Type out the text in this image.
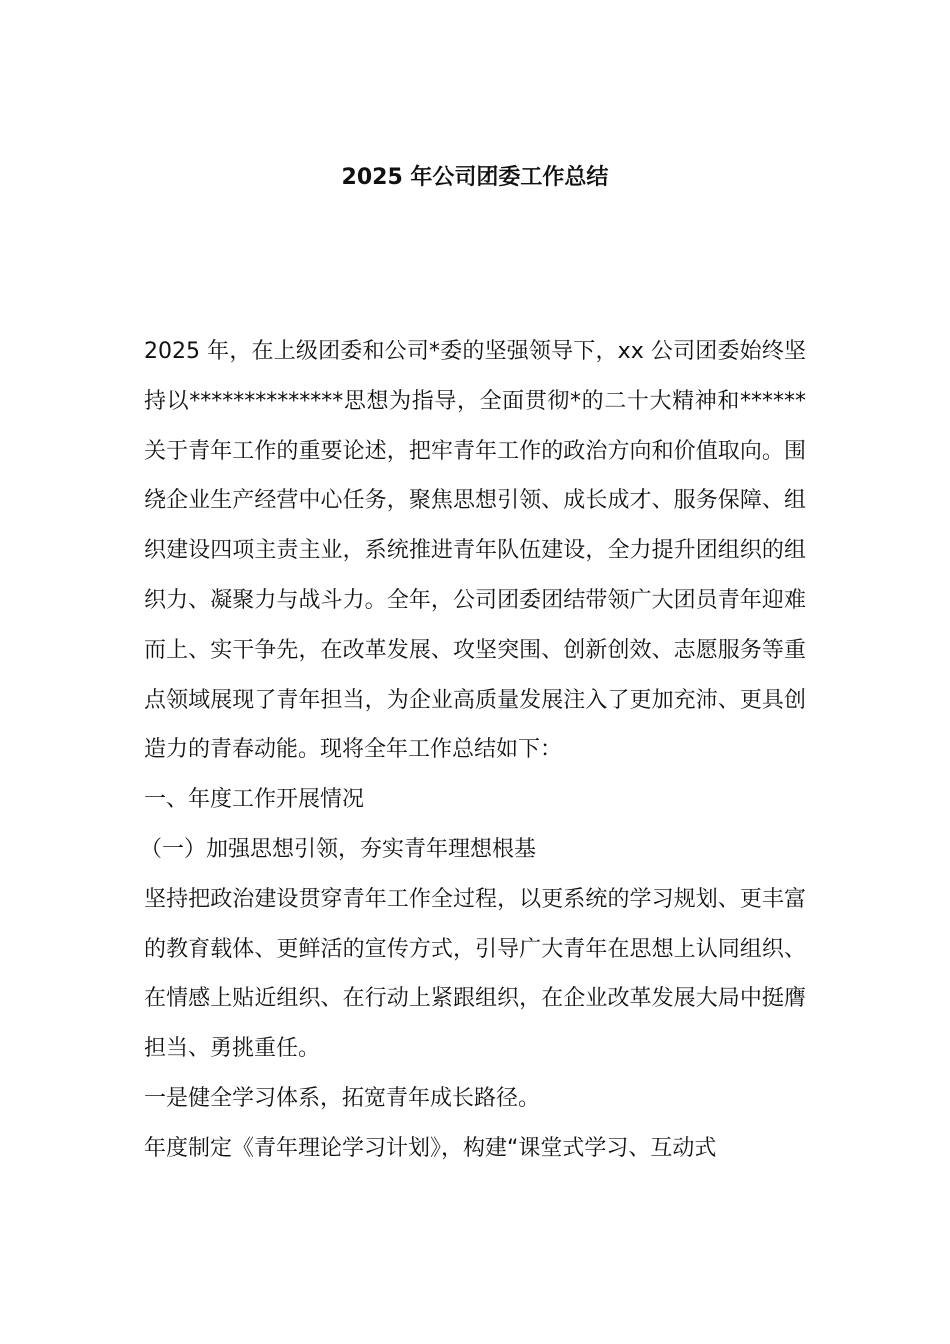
2025 年公司团委工作总结

2025 年，在上级团委和公司*委的坚强领导下，xx 公司团委始终坚持以**************思想为指导，全面贯彻*的二十大精神和******关于青年工作的重要论述，把牢青年工作的政治方向和价值取向。围绕企业生产经营中心任务，聚焦思想引领、成长成才、服务保障、组织建设四项主责主业，系统推进青年队伍建设，全力提升团组织的组织力、凝聚力与战斗力。全年，公司团委团结带领广大团员青年迎难而上、实干争先，在改革发展、攻坚突围、创新创效、志愿服务等重点领域展现了青年担当，为企业高质量发展注入了更加充沛、更具创造力的青春动能。现将全年工作总结如下：

一、年度工作开展情况

（一）加强思想引领，夯实青年理想根基

坚持把政治建设贯穿青年工作全过程，以更系统的学习规划、更丰富的教育载体、更鲜活的宣传方式，引导广大青年在思想上认同组织、在情感上贴近组织、在行动上紧跟组织，在企业改革发展大局中挺膺担当、勇挑重任。

一是健全学习体系，拓宽青年成长路径。

年度制定《青年理论学习计划》，构建“课堂式学习、互动式
